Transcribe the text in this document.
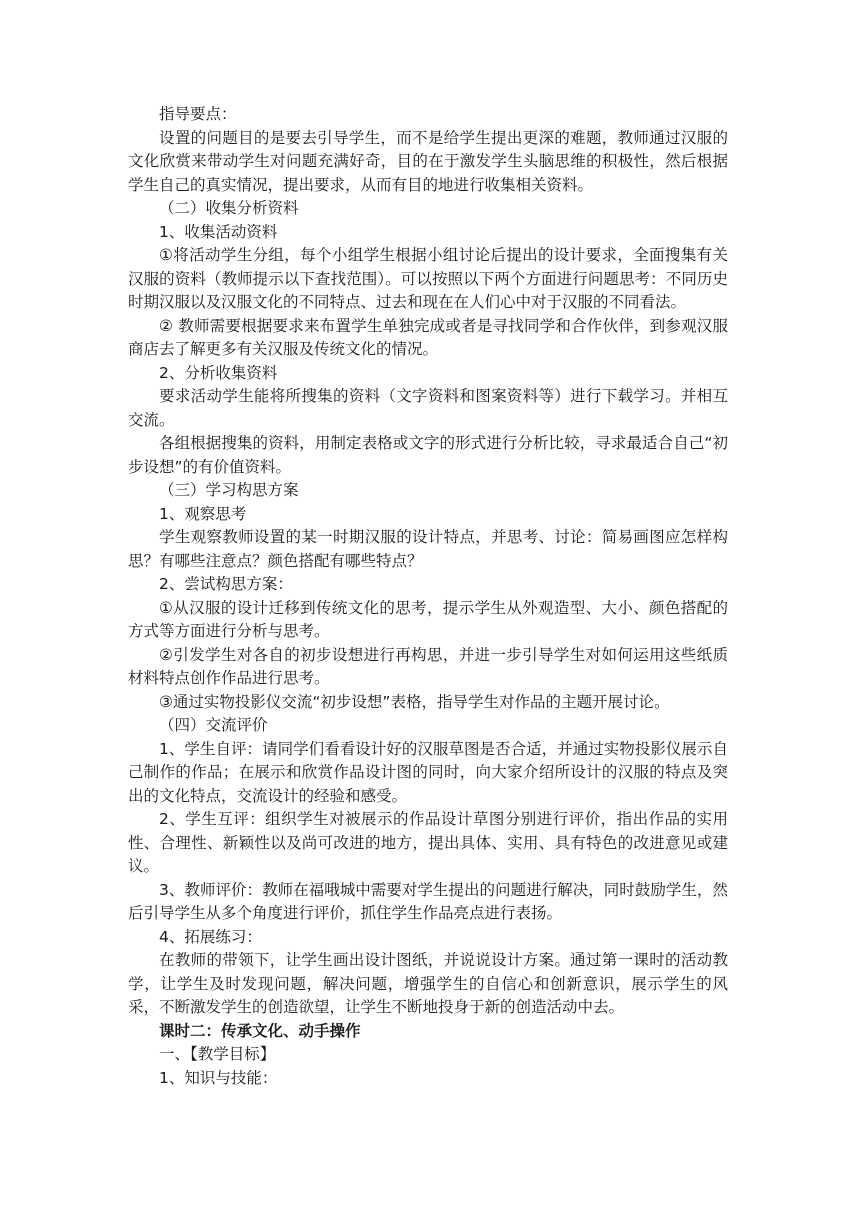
指导要点：

设置的问题目的是要去引导学生，而不是给学生提出更深的难题，教师通过汉服的文化欣赏来带动学生对问题充满好奇，目的在于激发学生头脑思维的积极性，然后根据学生自己的真实情况，提出要求，从而有目的地进行收集相关资料。

（二）收集分析资料

1、收集活动资料

①将活动学生分组，每个小组学生根据小组讨论后提出的设计要求，全面搜集有关汉服的资料（教师提示以下查找范围）。可以按照以下两个方面进行问题思考：不同历史时期汉服以及汉服文化的不同特点、过去和现在在人们心中对于汉服的不同看法。

② 教师需要根据要求来布置学生单独完成或者是寻找同学和合作伙伴，到参观汉服商店去了解更多有关汉服及传统文化的情况。

2、分析收集资料

要求活动学生能将所搜集的资料（文字资料和图案资料等）进行下载学习。并相互交流。

各组根据搜集的资料，用制定表格或文字的形式进行分析比较，寻求最适合自己“初步设想”的有价值资料。

（三）学习构思方案

1、观察思考

学生观察教师设置的某一时期汉服的设计特点，并思考、讨论：简易画图应怎样构思？有哪些注意点？颜色搭配有哪些特点？

2、尝试构思方案：

①从汉服的设计迁移到传统文化的思考，提示学生从外观造型、大小、颜色搭配的方式等方面进行分析与思考。

②引发学生对各自的初步设想进行再构思，并进一步引导学生对如何运用这些纸质材料特点创作作品进行思考。

③通过实物投影仪交流“初步设想”表格，指导学生对作品的主题开展讨论。

（四）交流评价

1、学生自评：请同学们看看设计好的汉服草图是否合适，并通过实物投影仪展示自己制作的作品；在展示和欣赏作品设计图的同时，向大家介绍所设计的汉服的特点及突出的文化特点，交流设计的经验和感受。

2、学生互评：组织学生对被展示的作品设计草图分别进行评价，指出作品的实用性、合理性、新颖性以及尚可改进的地方，提出具体、实用、具有特色的改进意见或建议。

3、教师评价：教师在福哦城中需要对学生提出的问题进行解决，同时鼓励学生，然后引导学生从多个角度进行评价，抓住学生作品亮点进行表扬。

4、拓展练习：

在教师的带领下，让学生画出设计图纸，并说说设计方案。通过第一课时的活动教学，让学生及时发现问题，解决问题，增强学生的自信心和创新意识，展示学生的风采，不断激发学生的创造欲望，让学生不断地投身于新的创造活动中去。

课时二：传承文化、动手操作

一、【教学目标】

1、知识与技能：
